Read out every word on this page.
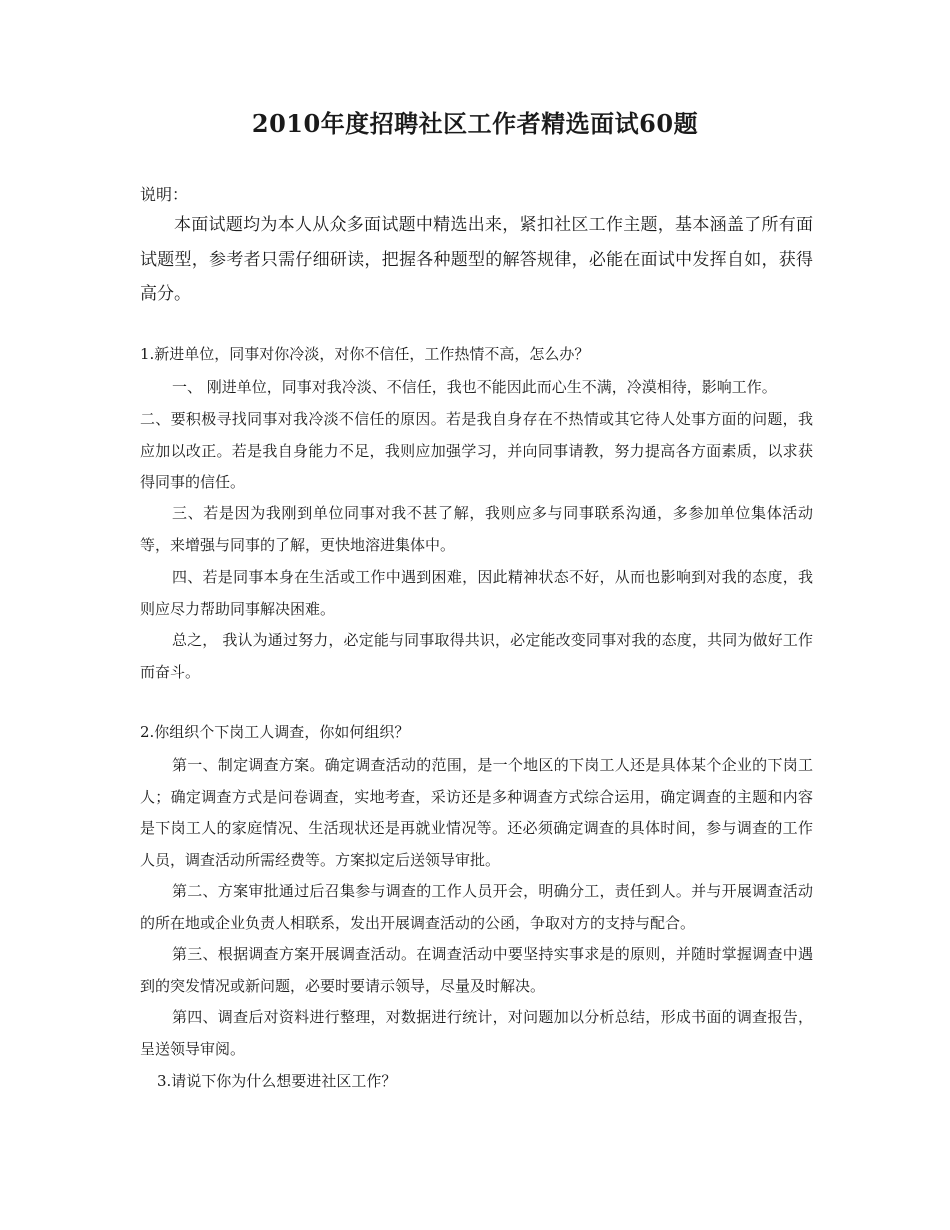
2010年度招聘社区工作者精选面试60题
说明：

本面试题均为本人从众多面试题中精选出来，紧扣社区工作主题，基本涵盖了所有面试题型，参考者只需仔细研读，把握各种题型的解答规律，必能在面试中发挥自如，获得高分。

1.新进单位，同事对你冷淡，对你不信任，工作热情不高，怎么办？

一、 刚进单位，同事对我冷淡、不信任，我也不能因此而心生不满，冷漠相待，影响工作。

二、要积极寻找同事对我冷淡不信任的原因。若是我自身存在不热情或其它待人处事方面的问题，我应加以改正。若是我自身能力不足，我则应加强学习，并向同事请教，努力提高各方面素质，以求获得同事的信任。

三、若是因为我刚到单位同事对我不甚了解，我则应多与同事联系沟通，多参加单位集体活动等，来增强与同事的了解，更快地溶进集体中。

四、若是同事本身在生活或工作中遇到困难，因此精神状态不好，从而也影响到对我的态度，我则应尽力帮助同事解决困难。

总之， 我认为通过努力，必定能与同事取得共识，必定能改变同事对我的态度，共同为做好工作而奋斗。

2.你组织个下岗工人调查，你如何组织？

第一、制定调查方案。确定调查活动的范围，是一个地区的下岗工人还是具体某个企业的下岗工人；确定调查方式是问卷调查，实地考查，采访还是多种调查方式综合运用，确定调查的主题和内容是下岗工人的家庭情况、生活现状还是再就业情况等。还必须确定调查的具体时间，参与调查的工作人员，调查活动所需经费等。方案拟定后送领导审批。

第二、方案审批通过后召集参与调查的工作人员开会，明确分工，责任到人。并与开展调查活动的所在地或企业负责人相联系，发出开展调查活动的公函，争取对方的支持与配合。

第三、根据调查方案开展调查活动。在调查活动中要坚持实事求是的原则，并随时掌握调查中遇到的突发情况或新问题，必要时要请示领导，尽量及时解决。

第四、调查后对资料进行整理，对数据进行统计，对问题加以分析总结，形成书面的调查报告，呈送领导审阅。

3.请说下你为什么想要进社区工作？
